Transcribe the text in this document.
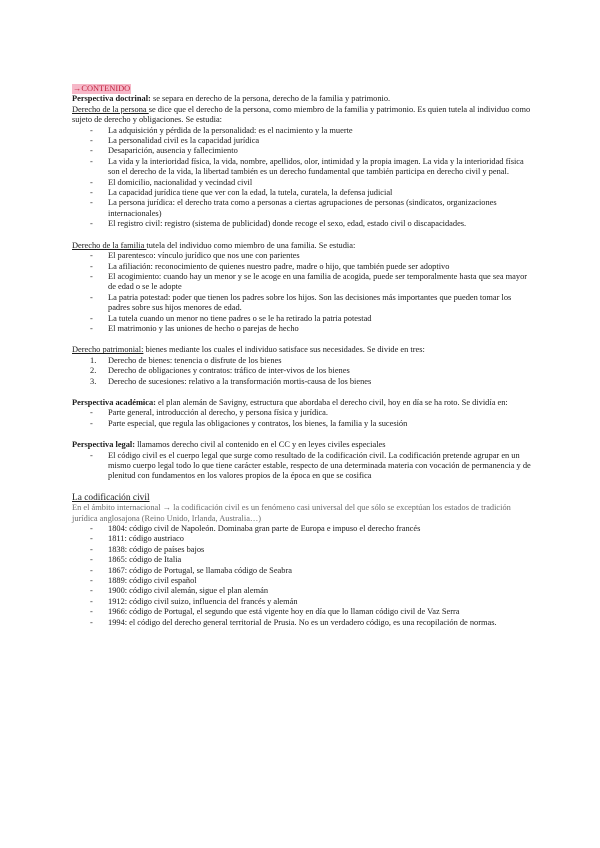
→CONTENIDO

Perspectiva doctrinal: se separa en derecho de la persona, derecho de la familia y patrimonio.

Derecho de la persona se dice que el derecho de la persona, como miembro de la familia y patrimonio. Es quien tutela al individuo como sujeto de derecho y obligaciones. Se estudia:

- La adquisición y pérdida de la personalidad: es el nacimiento y la muerte
- La personalidad civil es la capacidad jurídica
- Desaparición, ausencia y fallecimiento
- La vida y la interioridad física, la vida, nombre, apellidos, olor, intimidad y la propia imagen. La vida y la interioridad física son el derecho de la vida, la libertad también es un derecho fundamental que también participa en derecho civil y penal.
- El domicilio, nacionalidad y vecindad civil
- La capacidad jurídica tiene que ver con la edad, la tutela, curatela, la defensa judicial
- La persona jurídica: el derecho trata como a personas a ciertas agrupaciones de personas (sindicatos, organizaciones internacionales)
- El registro civil: registro (sistema de publicidad) donde recoge el sexo, edad, estado civil o discapacidades.

Derecho de la familia tutela del individuo como miembro de una familia. Se estudia:

- El parentesco: vínculo jurídico que nos une con parientes
- La afiliación: reconocimiento de quienes nuestro padre, madre o hijo, que también puede ser adoptivo
- El acogimiento: cuando hay un menor y se le acoge en una familia de acogida, puede ser temporalmente hasta que sea mayor de edad o se le adopte
- La patria potestad: poder que tienen los padres sobre los hijos. Son las decisiones más importantes que pueden tomar los padres sobre sus hijos menores de edad.
- La tutela cuando un menor no tiene padres o se le ha retirado la patria potestad
- El matrimonio y las uniones de hecho o parejas de hecho

Derecho patrimonial: bienes mediante los cuales el individuo satisface sus necesidades. Se divide en tres:

1. Derecho de bienes: tenencia o disfrute de los bienes
2. Derecho de obligaciones y contratos: tráfico de inter-vivos de los bienes
3. Derecho de sucesiones: relativo a la transformación mortis-causa de los bienes

Perspectiva académica: el plan alemán de Savigny, estructura que abordaba el derecho civil, hoy en día se ha roto. Se dividía en:

- Parte general, introducción al derecho, y persona física y jurídica.
- Parte especial, que regula las obligaciones y contratos, los bienes, la familia y la sucesión

Perspectiva legal: llamamos derecho civil al contenido en el CC y en leyes civiles especiales

- El código civil es el cuerpo legal que surge como resultado de la codificación civil. La codificación pretende agrupar en un mismo cuerpo legal todo lo que tiene carácter estable, respecto de una determinada materia con vocación de permanencia y de plenitud con fundamentos en los valores propios de la época en que se cosifica

La codificación civil

En el ámbito internacional → la codificación civil es un fenómeno casi universal del que sólo se exceptúan los estados de tradición jurídica anglosajona (Reino Unido, Irlanda, Australia…)

- 1804: código civil de Napoleón. Dominaba gran parte de Europa e impuso el derecho francés
- 1811: código austriaco
- 1838: código de países bajos
- 1865: código de Italia
- 1867: código de Portugal, se llamaba código de Seabra
- 1889: código civil español
- 1900: código civil alemán, sigue el plan alemán
- 1912: código civil suizo, influencia del francés y alemán
- 1966: código de Portugal, el segundo que está vigente hoy en día que lo llaman código civil de Vaz Serra
- 1994: el código del derecho general territorial de Prusia. No es un verdadero código, es una recopilación de normas.
